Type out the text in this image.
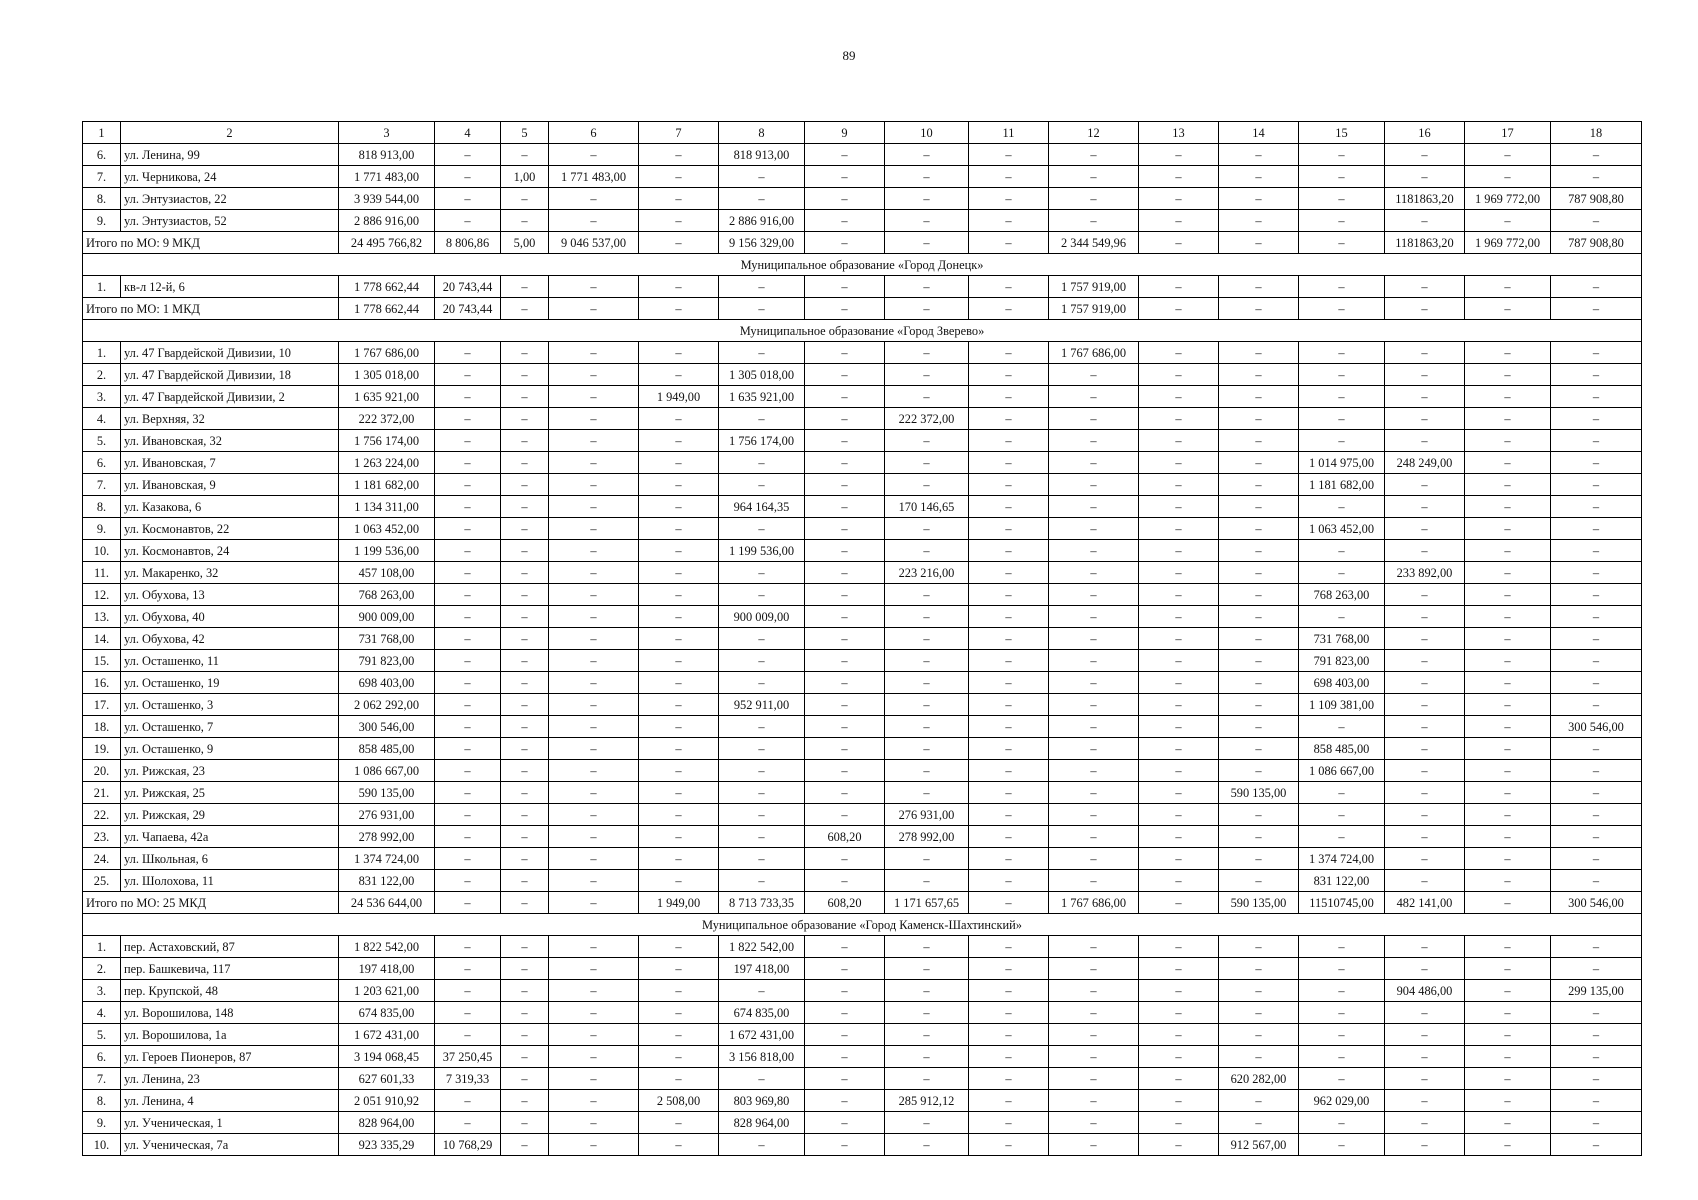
89
1	2	3	4	5	6	7	8	9	10	11	12	13	14	15	16	17	18
6.	ул. Ленина, 99	818 913,00	–	–	–	–	818 913,00	–	–	–	–	–	–	–	–	–	–
7.	ул. Черникова, 24	1 771 483,00	–	1,00	1 771 483,00	–	–	–	–	–	–	–	–	–	–	–	–
8.	ул. Энтузиастов, 22	3 939 544,00	–	–	–	–	–	–	–	–	–	–	–	–	1181863,20	1 969 772,00	787 908,80
9.	ул. Энтузиастов, 52	2 886 916,00	–	–	–	–	2 886 916,00	–	–	–	–	–	–	–	–	–	–
Итого по МО: 9 МКД		24 495 766,82	8 806,86	5,00	9 046 537,00	–	9 156 329,00	–	–	–	2 344 549,96	–	–	–	1181863,20	1 969 772,00	787 908,80
Муниципальное образование «Город Донецк»																	
1.	кв-л 12-й, 6	1 778 662,44	20 743,44	–	–	–	–	–	–	–	1 757 919,00	–	–	–	–	–	–
Итого по МО: 1 МКД		1 778 662,44	20 743,44	–	–	–	–	–	–	–	1 757 919,00	–	–	–	–	–	–
Муниципальное образование «Город Зверево»																	
1.	ул. 47 Гвардейской Дивизии, 10	1 767 686,00	–	–	–	–	–	–	–	–	1 767 686,00	–	–	–	–	–	–
2.	ул. 47 Гвардейской Дивизии, 18	1 305 018,00	–	–	–	–	1 305 018,00	–	–	–	–	–	–	–	–	–	–
3.	ул. 47 Гвардейской Дивизии, 2	1 635 921,00	–	–	–	1 949,00	1 635 921,00	–	–	–	–	–	–	–	–	–	–
4.	ул. Верхняя, 32	222 372,00	–	–	–	–	–	–	222 372,00	–	–	–	–	–	–	–	–
5.	ул. Ивановская, 32	1 756 174,00	–	–	–	–	1 756 174,00	–	–	–	–	–	–	–	–	–	–
6.	ул. Ивановская, 7	1 263 224,00	–	–	–	–	–	–	–	–	–	–	–	1 014 975,00	248 249,00	–	–
7.	ул. Ивановская, 9	1 181 682,00	–	–	–	–	–	–	–	–	–	–	–	1 181 682,00	–	–	–
8.	ул. Казакова, 6	1 134 311,00	–	–	–	–	964 164,35	–	170 146,65	–	–	–	–	–	–	–	–
9.	ул. Космонавтов, 22	1 063 452,00	–	–	–	–	–	–	–	–	–	–	–	1 063 452,00	–	–	–
10.	ул. Космонавтов, 24	1 199 536,00	–	–	–	–	1 199 536,00	–	–	–	–	–	–	–	–	–	–
11.	ул. Макаренко, 32	457 108,00	–	–	–	–	–	–	223 216,00	–	–	–	–	–	233 892,00	–	–
12.	ул. Обухова, 13	768 263,00	–	–	–	–	–	–	–	–	–	–	–	768 263,00	–	–	–
13.	ул. Обухова, 40	900 009,00	–	–	–	–	900 009,00	–	–	–	–	–	–	–	–	–	–
14.	ул. Обухова, 42	731 768,00	–	–	–	–	–	–	–	–	–	–	–	731 768,00	–	–	–
15.	ул. Осташенко, 11	791 823,00	–	–	–	–	–	–	–	–	–	–	–	791 823,00	–	–	–
16.	ул. Осташенко, 19	698 403,00	–	–	–	–	–	–	–	–	–	–	–	698 403,00	–	–	–
17.	ул. Осташенко, 3	2 062 292,00	–	–	–	–	952 911,00	–	–	–	–	–	–	1 109 381,00	–	–	–
18.	ул. Осташенко, 7	300 546,00	–	–	–	–	–	–	–	–	–	–	–	–	–	–	300 546,00
19.	ул. Осташенко, 9	858 485,00	–	–	–	–	–	–	–	–	–	–	–	858 485,00	–	–	–
20.	ул. Рижская, 23	1 086 667,00	–	–	–	–	–	–	–	–	–	–	–	1 086 667,00	–	–	–
21.	ул. Рижская, 25	590 135,00	–	–	–	–	–	–	–	–	–	–	590 135,00	–	–	–	–
22.	ул. Рижская, 29	276 931,00	–	–	–	–	–	–	276 931,00	–	–	–	–	–	–	–	–
23.	ул. Чапаева, 42а	278 992,00	–	–	–	–	–	608,20	278 992,00	–	–	–	–	–	–	–	–
24.	ул. Школьная, 6	1 374 724,00	–	–	–	–	–	–	–	–	–	–	–	1 374 724,00	–	–	–
25.	ул. Шолохова, 11	831 122,00	–	–	–	–	–	–	–	–	–	–	–	831 122,00	–	–	–
Итого по МО: 25 МКД		24 536 644,00	–	–	–	1 949,00	8 713 733,35	608,20	1 171 657,65	–	1 767 686,00	–	590 135,00	11510745,00	482 141,00	–	300 546,00
Муниципальное образование «Город Каменск-Шахтинский»																	
1.	пер. Астаховский, 87	1 822 542,00	–	–	–	–	1 822 542,00	–	–	–	–	–	–	–	–	–	–
2.	пер. Башкевича, 117	197 418,00	–	–	–	–	197 418,00	–	–	–	–	–	–	–	–	–	–
3.	пер. Крупской, 48	1 203 621,00	–	–	–	–	–	–	–	–	–	–	–	–	904 486,00	–	299 135,00
4.	ул. Ворошилова, 148	674 835,00	–	–	–	–	674 835,00	–	–	–	–	–	–	–	–	–	–
5.	ул. Ворошилова, 1а	1 672 431,00	–	–	–	–	1 672 431,00	–	–	–	–	–	–	–	–	–	–
6.	ул. Героев Пионеров, 87	3 194 068,45	37 250,45	–	–	–	3 156 818,00	–	–	–	–	–	–	–	–	–	–
7.	ул. Ленина, 23	627 601,33	7 319,33	–	–	–	–	–	–	–	–	–	620 282,00	–	–	–	–
8.	ул. Ленина, 4	2 051 910,92	–	–	–	2 508,00	803 969,80	–	285 912,12	–	–	–	–	962 029,00	–	–	–
9.	ул. Ученическая, 1	828 964,00	–	–	–	–	828 964,00	–	–	–	–	–	–	–	–	–	–
10.	ул. Ученическая, 7а	923 335,29	10 768,29	–	–	–	–	–	–	–	–	–	912 567,00	–	–	–	–
